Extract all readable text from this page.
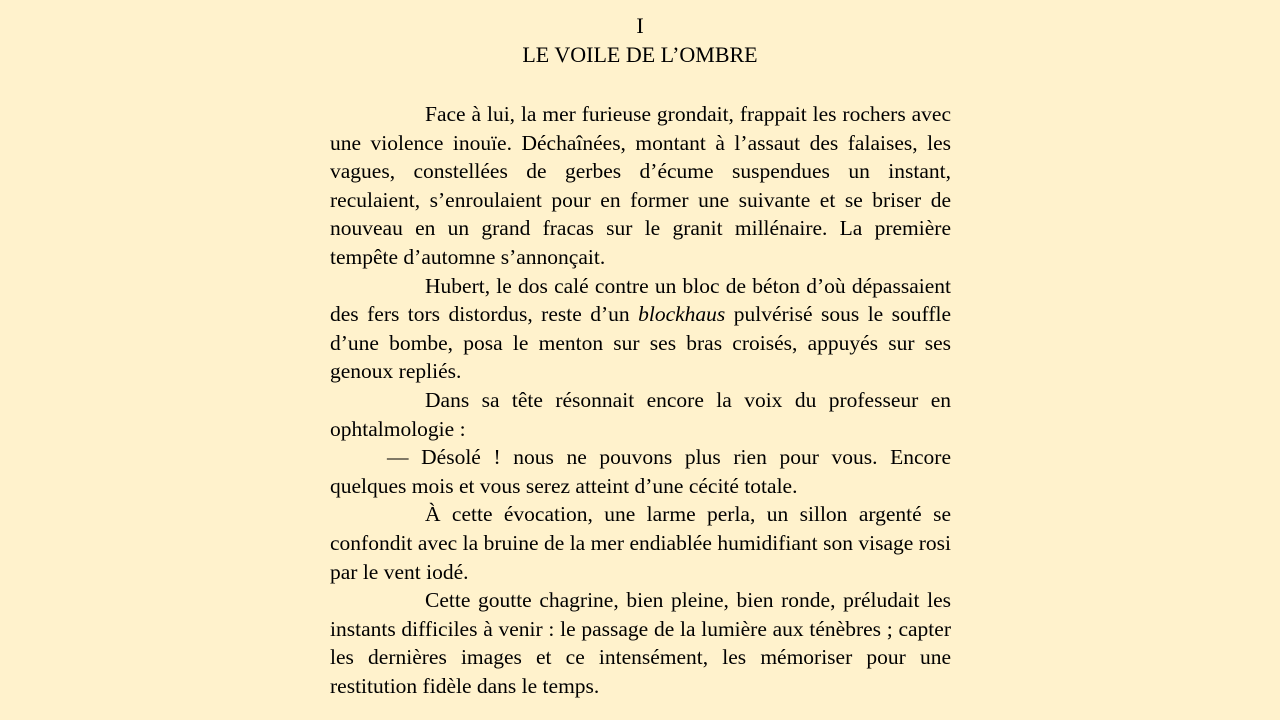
I
LE VOILE DE L’OMBRE

Face à lui, la mer furieuse grondait, frappait les rochers avec une violence inouïe. Déchaînées, montant à l’assaut des falaises, les vagues, constellées de gerbes d’écume suspendues un instant, reculaient, s’enroulaient pour en former une suivante et se briser de nouveau en un grand fracas sur le granit millénaire. La première tempête d’automne s’annonçait.

Hubert, le dos calé contre un bloc de béton d’où dépassaient des fers tors distordus, reste d’un blockhaus pulvérisé sous le souffle d’une bombe, posa le menton sur ses bras croisés, appuyés sur ses genoux repliés.

Dans sa tête résonnait encore la voix du professeur en ophtalmologie :

— Désolé ! nous ne pouvons plus rien pour vous. Encore quelques mois et vous serez atteint d’une cécité totale.

À cette évocation, une larme perla, un sillon argenté se confondit avec la bruine de la mer endiablée humidifiant son visage rosi par le vent iodé.

Cette goutte chagrine, bien pleine, bien ronde, préludait les instants difficiles à venir : le passage de la lumière aux ténèbres ; capter les dernières images et ce intensément, les mémoriser pour une restitution fidèle dans le temps.
